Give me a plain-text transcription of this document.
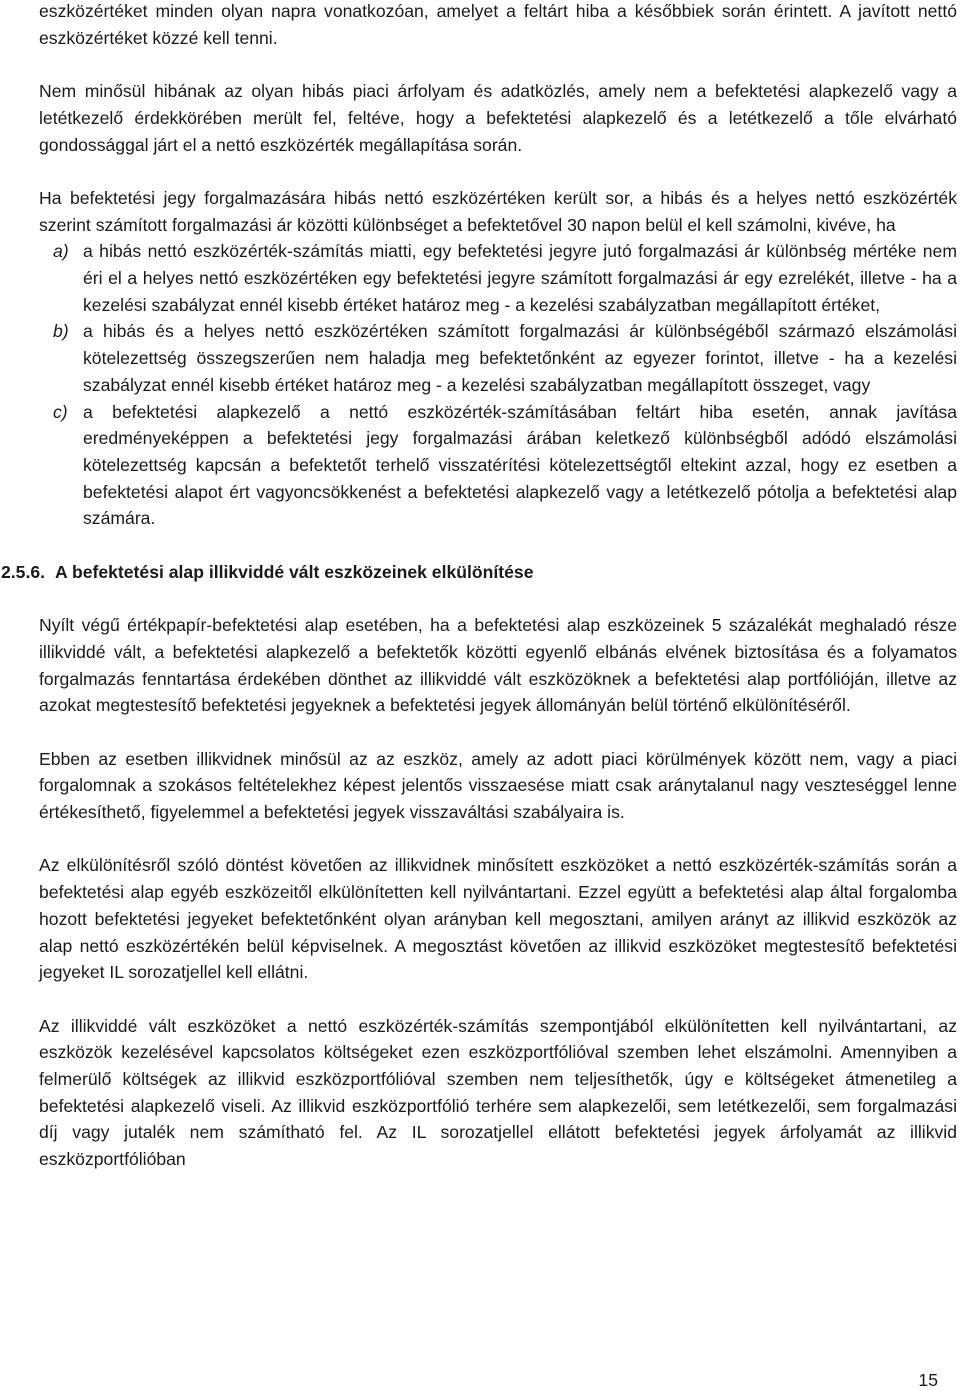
eszközértéket minden olyan napra vonatkozóan, amelyet a feltárt hiba a későbbiek során érintett. A javított nettó eszközértéket közzé kell tenni.

Nem minősül hibának az olyan hibás piaci árfolyam és adatközlés, amely nem a befektetési alapkezelő vagy a letétkezelő érdekkörében merült fel, feltéve, hogy a befektetési alapkezelő és a letétkezelő a tőle elvárható gondossággal járt el a nettó eszközérték megállapítása során.

Ha befektetési jegy forgalmazására hibás nettó eszközértéken került sor, a hibás és a helyes nettó eszközérték szerint számított forgalmazási ár közötti különbséget a befektetővel 30 napon belül el kell számolni, kivéve, ha

a) a hibás nettó eszközérték-számítás miatti, egy befektetési jegyre jutó forgalmazási ár különbség mértéke nem éri el a helyes nettó eszközértéken egy befektetési jegyre számított forgalmazási ár egy ezrelékét, illetve - ha a kezelési szabályzat ennél kisebb értéket határoz meg - a kezelési szabályzatban megállapított értéket,
b) a hibás és a helyes nettó eszközértéken számított forgalmazási ár különbségéből származó elszámolási kötelezettség összegszerűen nem haladja meg befektetőnként az egyezer forintot, illetve - ha a kezelési szabályzat ennél kisebb értéket határoz meg - a kezelési szabályzatban megállapított összeget, vagy
c) a befektetési alapkezelő a nettó eszközérték-számításában feltárt hiba esetén, annak javítása eredményeképpen a befektetési jegy forgalmazási árában keletkező különbségből adódó elszámolási kötelezettség kapcsán a befektetőt terhelő visszatérítési kötelezettségtől eltekint azzal, hogy ez esetben a befektetési alapot ért vagyoncsökkenést a befektetési alapkezelő vagy a letétkezelő pótolja a befektetési alap számára.
2.5.6. A befektetési alap illikviddé vált eszközeinek elkülönítése

Nyílt végű értékpapír-befektetési alap esetében, ha a befektetési alap eszközeinek 5 százalékát meghaladó része illikviddé vált, a befektetési alapkezelő a befektetők közötti egyenlő elbánás elvének biztosítása és a folyamatos forgalmazás fenntartása érdekében dönthet az illikviddé vált eszközöknek a befektetési alap portfólióján, illetve az azokat megtestesítő befektetési jegyeknek a befektetési jegyek állományán belül történő elkülönítéséről.

Ebben az esetben illikvidnek minősül az az eszköz, amely az adott piaci körülmények között nem, vagy a piaci forgalomnak a szokásos feltételekhez képest jelentős visszaesése miatt csak aránytalanul nagy veszteséggel lenne értékesíthető, figyelemmel a befektetési jegyek visszaváltási szabályaira is.

Az elkülönítésről szóló döntést követően az illikvidnek minősített eszközöket a nettó eszközérték-számítás során a befektetési alap egyéb eszközeitől elkülönítetten kell nyilvántartani. Ezzel együtt a befektetési alap által forgalomba hozott befektetési jegyeket befektetőnként olyan arányban kell megosztani, amilyen arányt az illikvid eszközök az alap nettó eszközértékén belül képviselnek. A megosztást követően az illikvid eszközöket megtestesítő befektetési jegyeket IL sorozatjellel kell ellátni.

Az illikviddé vált eszközöket a nettó eszközérték-számítás szempontjából elkülönítetten kell nyilvántartani, az eszközök kezelésével kapcsolatos költségeket ezen eszközportfólióval szemben lehet elszámolni. Amennyiben a felmerülő költségek az illikvid eszközportfólióval szemben nem teljesíthetők, úgy e költségeket átmenetileg a befektetési alapkezelő viseli. Az illikvid eszközportfólió terhére sem alapkezelői, sem letétkezelői, sem forgalmazási díj vagy jutalék nem számítható fel. Az IL sorozatjellel ellátott befektetési jegyek árfolyamát az illikvid eszközportfólióban

15
